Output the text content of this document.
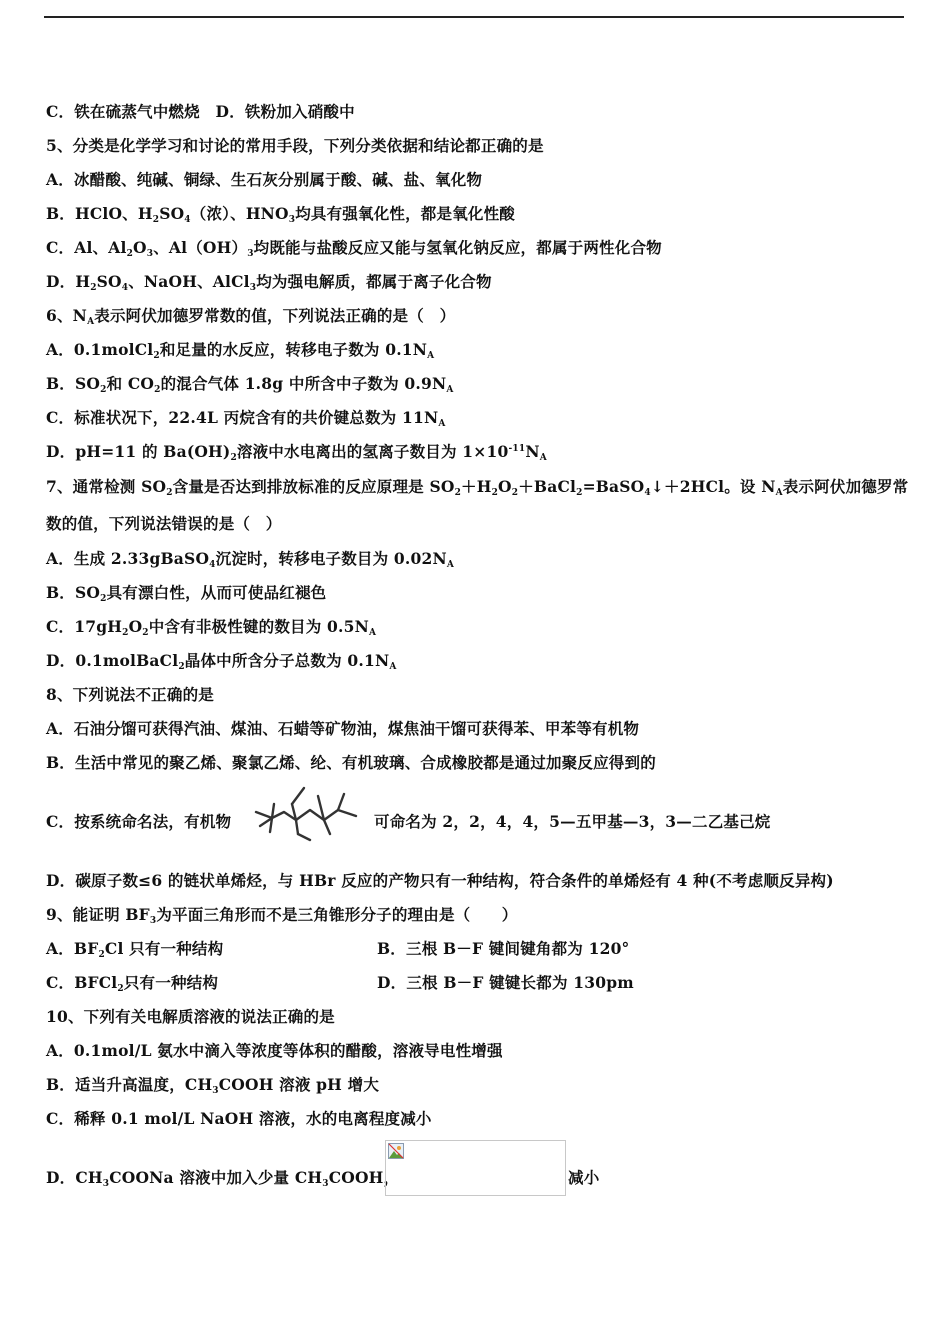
C．铁在硫蒸气中燃烧　 D．铁粉加入硝酸中
5、分类是化学学习和讨论的常用手段，下列分类依据和结论都正确的是
A．冰醋酸、纯碱、铜绿、生石灰分别属于酸、碱、盐、氧化物
B．HClO、$H_2SO_4$（浓）、$HNO_3$均具有强氧化性，都是氧化性酸
C．Al、$Al_2O_3$、$Al(OH)_3$均既能与盐酸反应又能与氢氧化钠反应，都属于两性化合物
D．$H_2SO_4$、NaOH、AlCl$_3$均为强电解质，都属于离子化合物
6、$N_A$表示阿伏加德罗常数的值，下列说法正确的是（　）
A．0.1molCl$_2$和足量的水反应，转移电子数为 $0.1N_A$
B．$SO_2$和 $CO_2$的混合气体 1.8g 中所含中子数为 $0.9N_A$
C．标准状况下，22.4L 丙烷含有的共价键总数为 $11N_A$
D．pH=11 的 $Ba(OH)_2$溶液中水电离出的氢离子数目为 $1\times 10^{-11}N_A$
7、通常检测 $SO_2$含量是否达到排放标准的反应原理是 $SO_2+H_2O_2+BaCl_2=BaSO_4↓+2HCl$。设 $N_A$表示阿伏加德罗常
数的值，下列说法错误的是（　）
A．生成 2.33gBaSO$_4$沉淀时，转移电子数目为 $0.02N_A$
B．$SO_2$具有漂白性，从而可使品红褪色
C．$17gH_2O_2$中含有非极性键的数目为 $0.5N_A$
D．0.1molBaCl$_2$晶体中所含分子总数为 $0.1N_A$
8、下列说法不正确的是
A．石油分馏可获得汽油、煤油、石蜡等矿物油，煤焦油干馏可获得苯、甲苯等有机物
B．生活中常见的聚乙烯、聚氯乙烯、纶、有机玻璃、合成橡胶都是通过加聚反应得到的
C．按系统命名法，有机物	可命名为 2，2，4，4，5—五甲基—3，3—二乙基己烷
D．碳原子数≤6 的链状单烯烃，与 HBr 反应的产物只有一种结构，符合条件的单烯烃有 4 种(不考虑顺反异构)
9、能证明 $BF_3$为平面三角形而不是三角锥形分子的理由是（　　）
A．$BF_2Cl$ 只有一种结构	B．三根 B－F 键间键角都为 120°
C．BFCl$_2$只有一种结构	D．三根 B－F 键键长都为 130pm
10、下列有关电解质溶液的说法正确的是
A．0.1mol/L 氨水中滴入等浓度等体积的醋酸，溶液导电性增强
B．适当升高温度，$CH_3COOH$ 溶液 pH 增大
C．稀释 0.1 mol/L NaOH 溶液，水的电离程度减小
D．$CH_3COONa$ 溶液中加入少量 $CH_3COOH$，	减小
